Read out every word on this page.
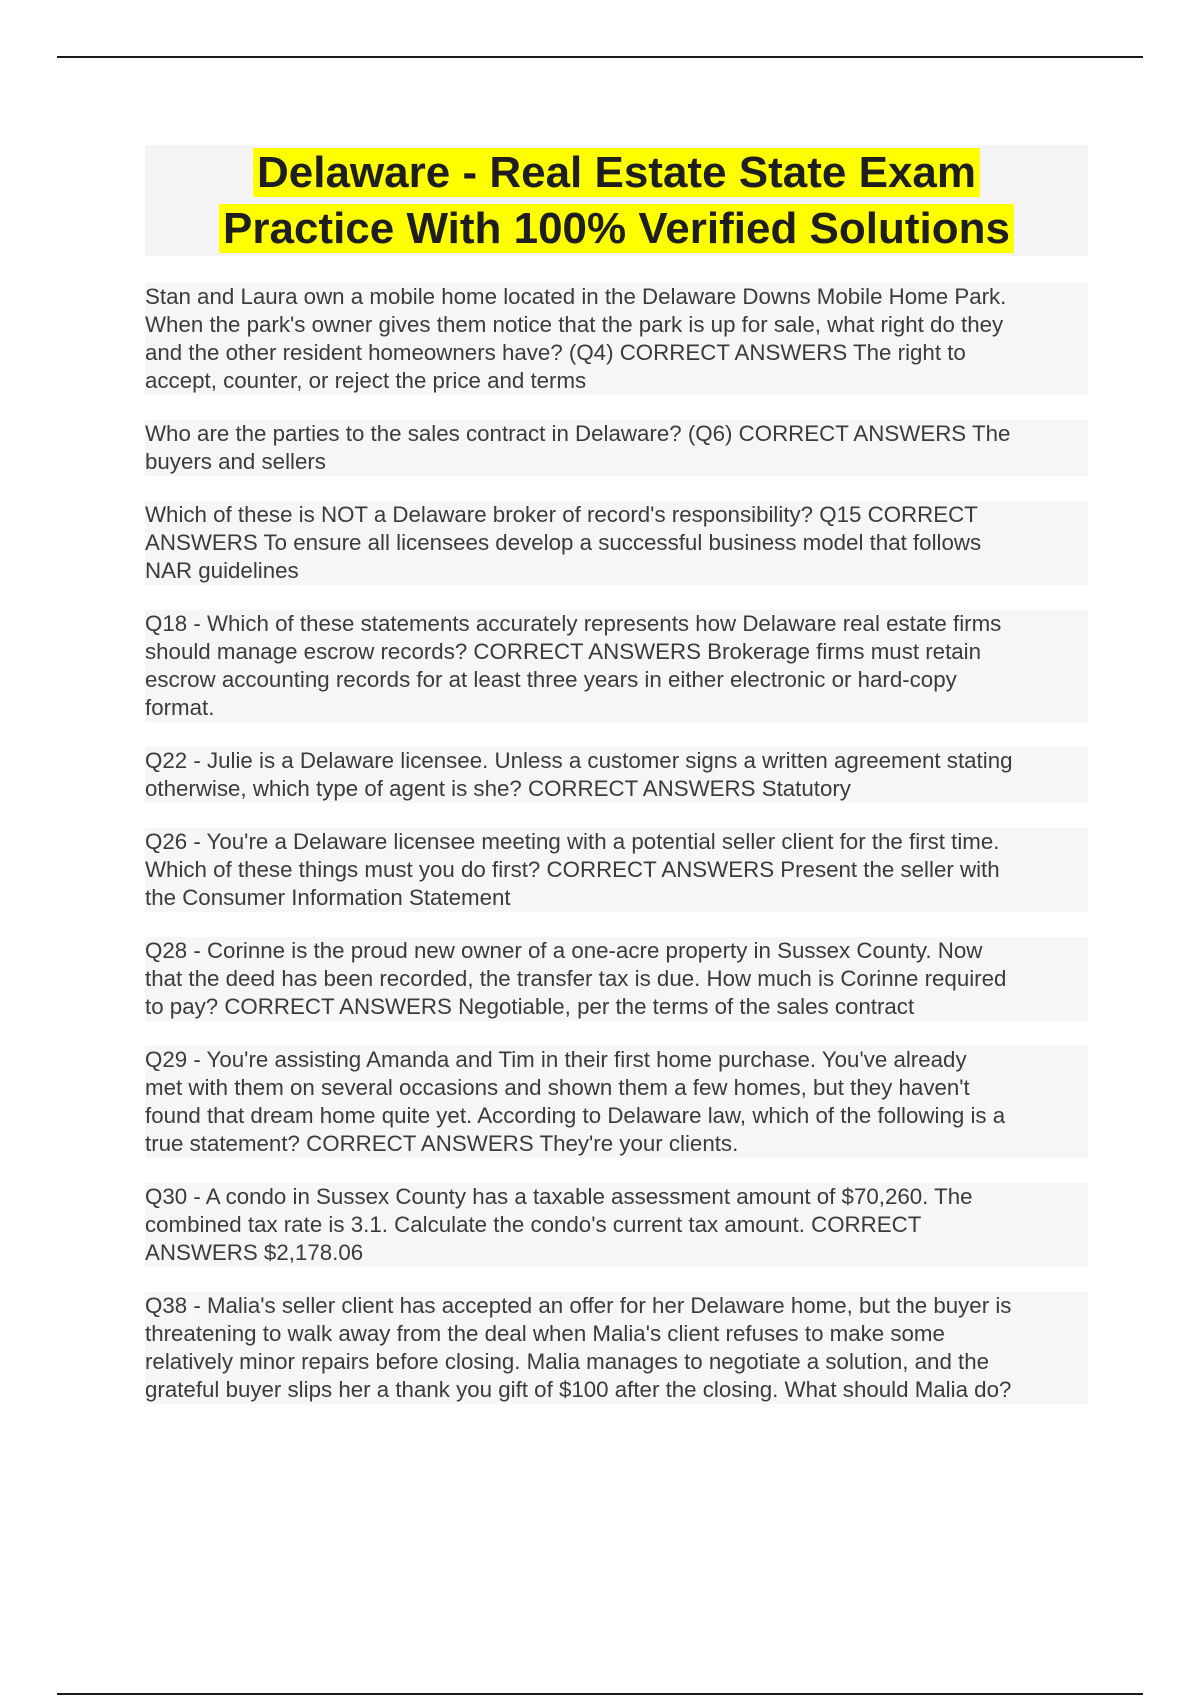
Delaware - Real Estate State Exam
Practice With 100% Verified Solutions
Stan and Laura own a mobile home located in the Delaware Downs Mobile Home Park.
When the park's owner gives them notice that the park is up for sale, what right do they
and the other resident homeowners have? (Q4) CORRECT ANSWERS The right to
accept, counter, or reject the price and terms
Who are the parties to the sales contract in Delaware? (Q6) CORRECT ANSWERS The
buyers and sellers
Which of these is NOT a Delaware broker of record's responsibility? Q15 CORRECT
ANSWERS To ensure all licensees develop a successful business model that follows
NAR guidelines
Q18 - Which of these statements accurately represents how Delaware real estate firms
should manage escrow records? CORRECT ANSWERS Brokerage firms must retain
escrow accounting records for at least three years in either electronic or hard-copy
format.
Q22 - Julie is a Delaware licensee. Unless a customer signs a written agreement stating
otherwise, which type of agent is she? CORRECT ANSWERS Statutory
Q26 - You're a Delaware licensee meeting with a potential seller client for the first time.
Which of these things must you do first? CORRECT ANSWERS Present the seller with
the Consumer Information Statement
Q28 - Corinne is the proud new owner of a one-acre property in Sussex County. Now
that the deed has been recorded, the transfer tax is due. How much is Corinne required
to pay? CORRECT ANSWERS Negotiable, per the terms of the sales contract
Q29 - You're assisting Amanda and Tim in their first home purchase. You've already
met with them on several occasions and shown them a few homes, but they haven't
found that dream home quite yet. According to Delaware law, which of the following is a
true statement? CORRECT ANSWERS They're your clients.
Q30 - A condo in Sussex County has a taxable assessment amount of $70,260. The
combined tax rate is 3.1. Calculate the condo's current tax amount. CORRECT
ANSWERS $2,178.06
Q38 - Malia's seller client has accepted an offer for her Delaware home, but the buyer is
threatening to walk away from the deal when Malia's client refuses to make some
relatively minor repairs before closing. Malia manages to negotiate a solution, and the
grateful buyer slips her a thank you gift of $100 after the closing. What should Malia do?
